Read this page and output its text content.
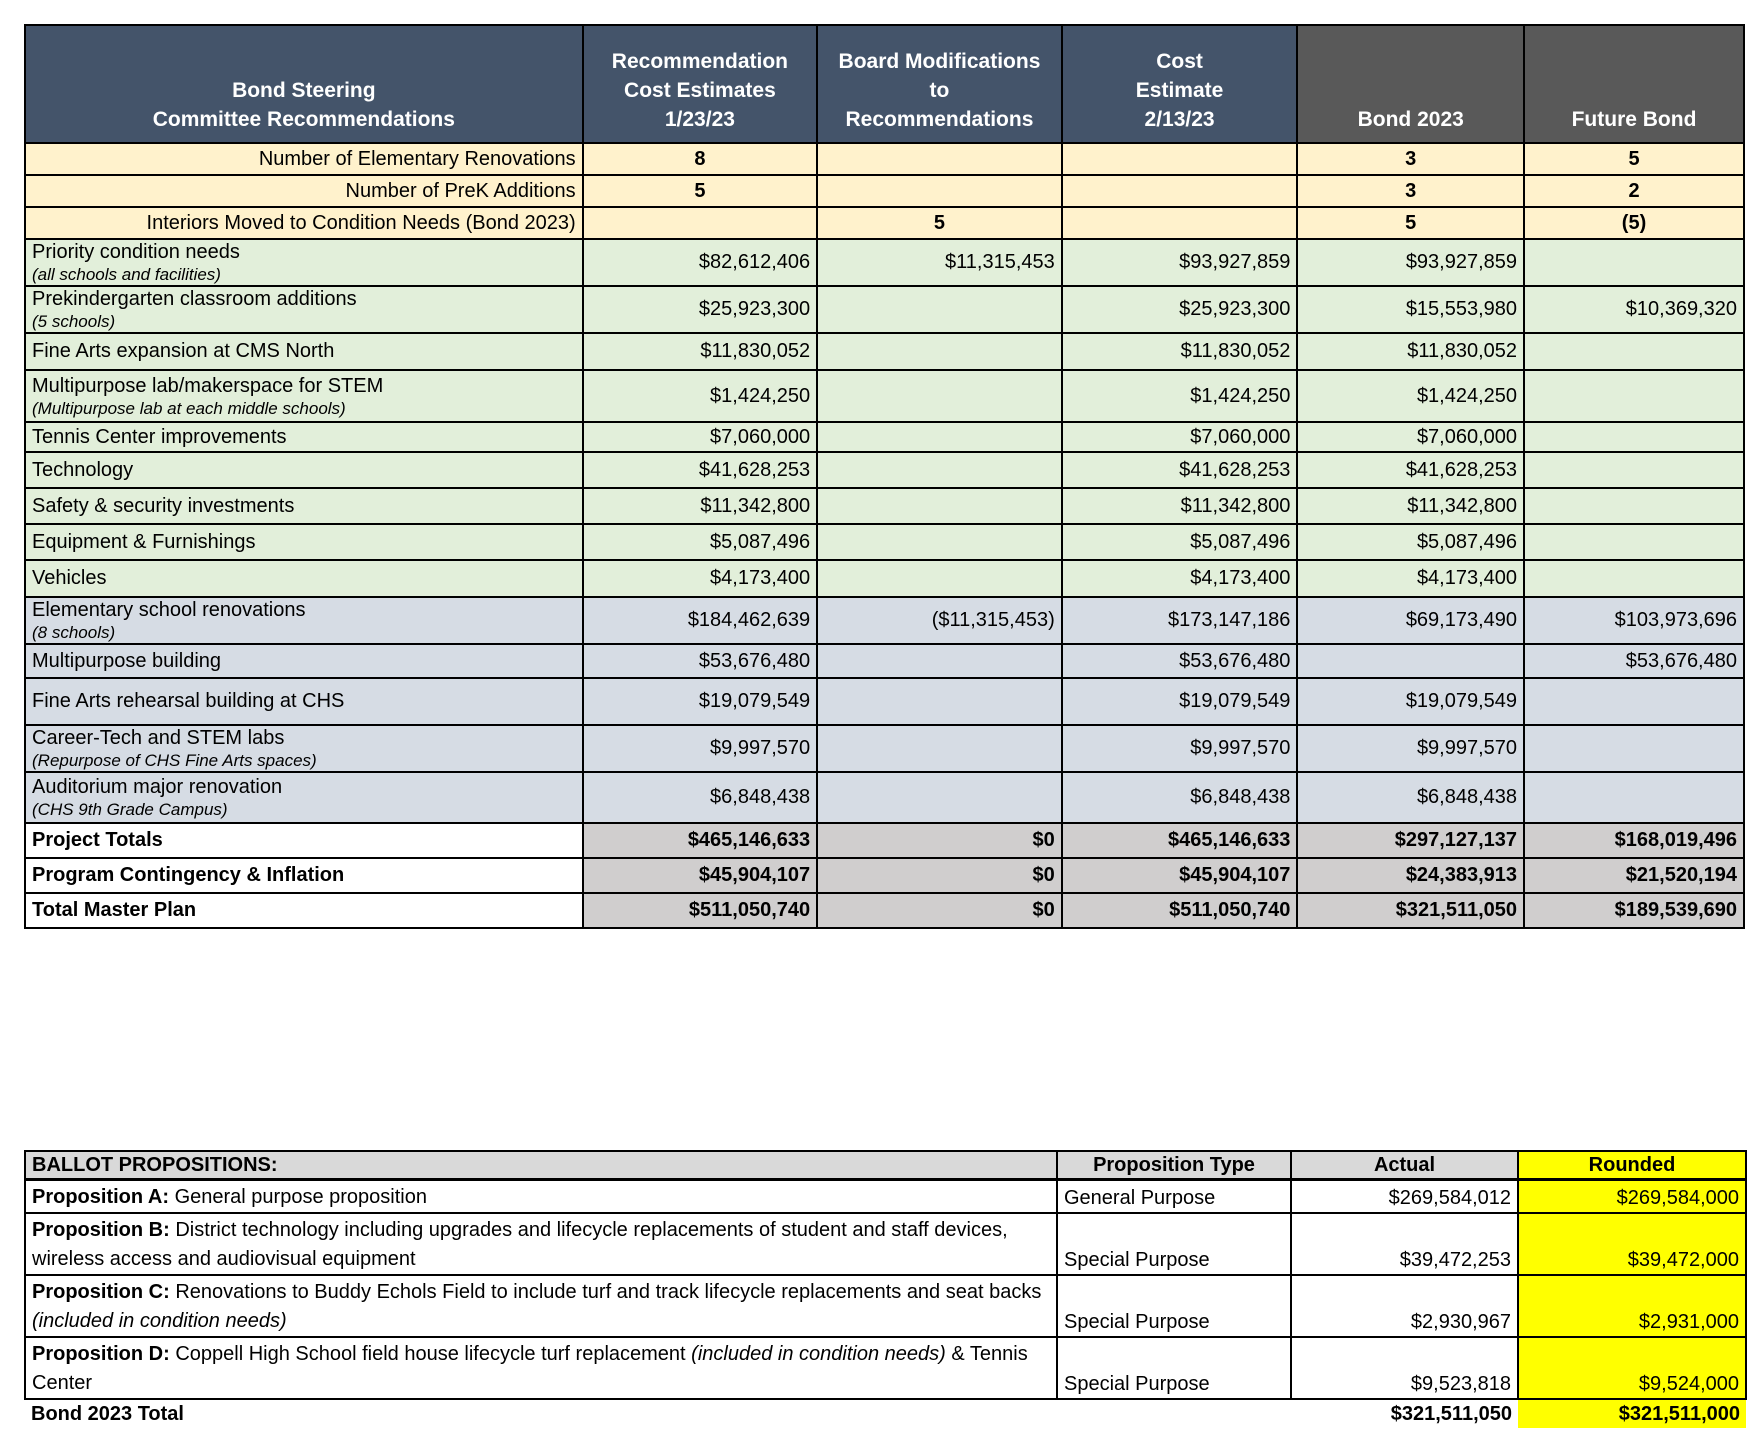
Bond Steering
Committee Recommendations	Recommendation
Cost Estimates
1/23/23	Board Modifications
to
Recommendations	Cost
Estimate
2/13/23	Bond 2023	Future Bond
Number of Elementary Renovations	8			3	5
Number of PreK Additions	5			3	2
Interiors Moved to Condition Needs (Bond 2023)		5		5	(5)
Priority condition needs
(all schools and facilities)	$82,612,406	$11,315,453	$93,927,859	$93,927,859	
Prekindergarten classroom additions
(5 schools)	$25,923,300		$25,923,300	$15,553,980	$10,369,320
Fine Arts expansion at CMS North	$11,830,052		$11,830,052	$11,830,052	
Multipurpose lab/makerspace for STEM
(Multipurpose lab at each middle schools)	$1,424,250		$1,424,250	$1,424,250	
Tennis Center improvements	$7,060,000		$7,060,000	$7,060,000	
Technology	$41,628,253		$41,628,253	$41,628,253	
Safety & security investments	$11,342,800		$11,342,800	$11,342,800	
Equipment & Furnishings	$5,087,496		$5,087,496	$5,087,496	
Vehicles	$4,173,400		$4,173,400	$4,173,400	
Elementary school renovations
(8 schools)	$184,462,639	($11,315,453)	$173,147,186	$69,173,490	$103,973,696
Multipurpose building	$53,676,480		$53,676,480		$53,676,480
Fine Arts rehearsal building at CHS	$19,079,549		$19,079,549	$19,079,549	
Career-Tech and STEM labs
(Repurpose of CHS Fine Arts spaces)	$9,997,570		$9,997,570	$9,997,570	
Auditorium major renovation
(CHS 9th Grade Campus)	$6,848,438		$6,848,438	$6,848,438	
Project Totals	$465,146,633	$0	$465,146,633	$297,127,137	$168,019,496
Program Contingency & Inflation	$45,904,107	$0	$45,904,107	$24,383,913	$21,520,194
Total Master Plan	$511,050,740	$0	$511,050,740	$321,511,050	$189,539,690
BALLOT PROPOSITIONS:	Proposition Type	Actual	Rounded
Proposition A: General purpose proposition	General Purpose	$269,584,012	$269,584,000
Proposition B: District technology including upgrades and lifecycle replacements of student and staff devices, wireless access and audiovisual equipment	Special Purpose	$39,472,253	$39,472,000
Proposition C: Renovations to Buddy Echols Field to include turf and track lifecycle replacements and seat backs (included in condition needs)	Special Purpose	$2,930,967	$2,931,000
Proposition D: Coppell High School field house lifecycle turf replacement (included in condition needs) & Tennis Center	Special Purpose	$9,523,818	$9,524,000
Bond 2023 Total		$321,511,050	$321,511,000
